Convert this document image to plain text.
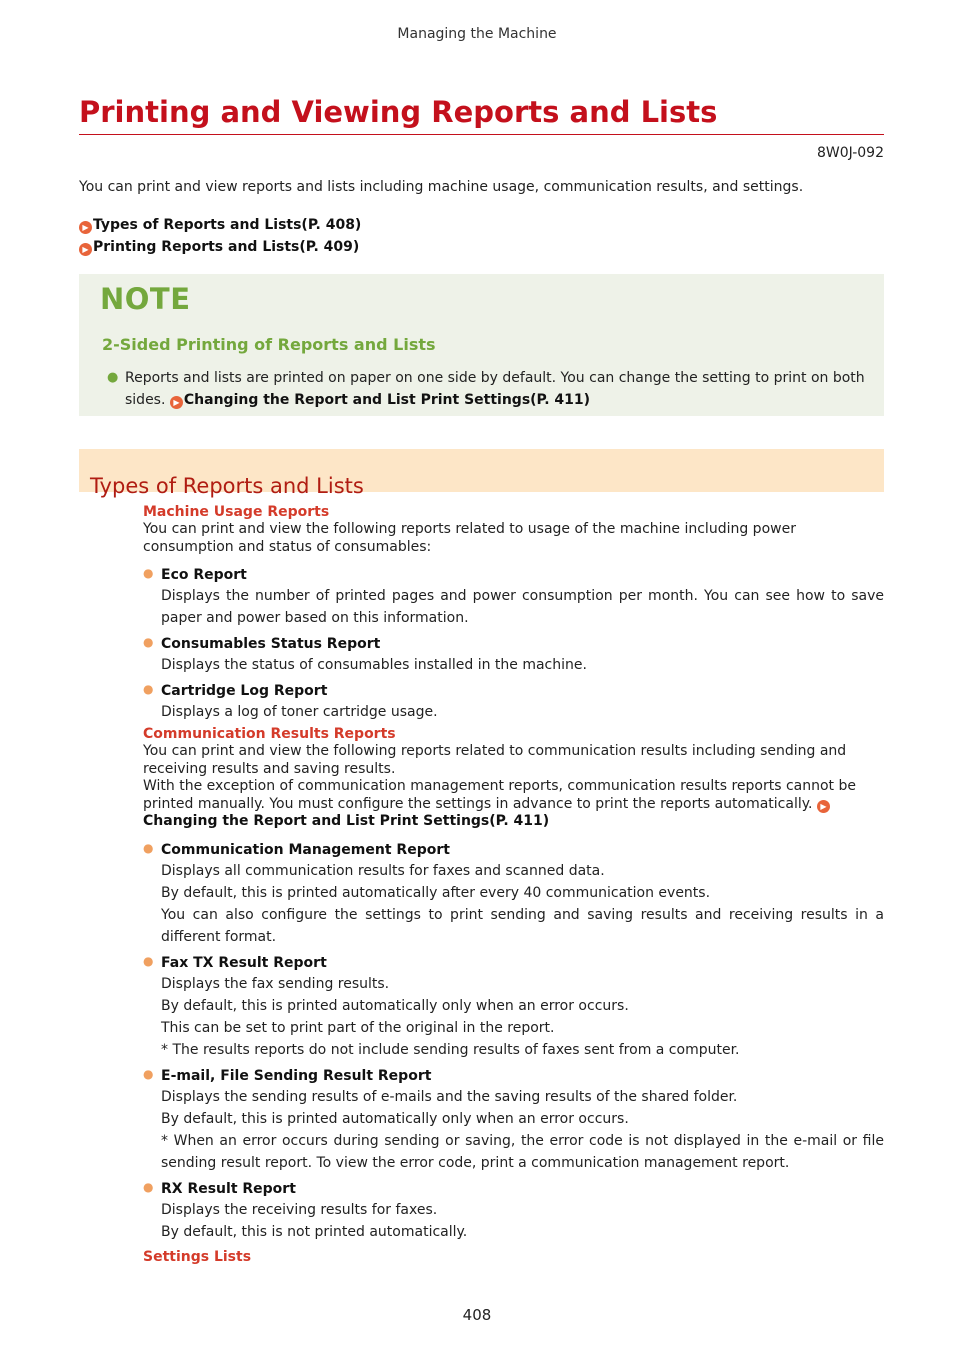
Managing the Machine
Printing and Viewing Reports and Lists
8W0J-092
You can print and view reports and lists including machine usage, communication results, and settings.
▶ Types of Reports and Lists(P. 408)
▶ Printing Reports and Lists(P. 409)
NOTE
2-Sided Printing of Reports and Lists
● Reports and lists are printed on paper on one side by default. You can change the setting to print on both sides. ▶ Changing the Report and List Print Settings(P. 411)
Types of Reports and Lists
Machine Usage Reports
You can print and view the following reports related to usage of the machine including power consumption and status of consumables:
● Eco Report
Displays the number of printed pages and power consumption per month. You can see how to save paper and power based on this information.
● Consumables Status Report
Displays the status of consumables installed in the machine.
● Cartridge Log Report
Displays a log of toner cartridge usage.
Communication Results Reports
You can print and view the following reports related to communication results including sending and receiving results and saving results.
With the exception of communication management reports, communication results reports cannot be printed manually. You must configure the settings in advance to print the reports automatically. ▶Changing the Report and List Print Settings(P. 411)
● Communication Management Report
Displays all communication results for faxes and scanned data.
By default, this is printed automatically after every 40 communication events.
You can also configure the settings to print sending and saving results and receiving results in a different format.
● Fax TX Result Report
Displays the fax sending results.
By default, this is printed automatically only when an error occurs.
This can be set to print part of the original in the report.
* The results reports do not include sending results of faxes sent from a computer.
● E-mail, File Sending Result Report
Displays the sending results of e-mails and the saving results of the shared folder.
By default, this is printed automatically only when an error occurs.
* When an error occurs during sending or saving, the error code is not displayed in the e-mail or file sending result report. To view the error code, print a communication management report.
● RX Result Report
Displays the receiving results for faxes.
By default, this is not printed automatically.
Settings Lists
408
